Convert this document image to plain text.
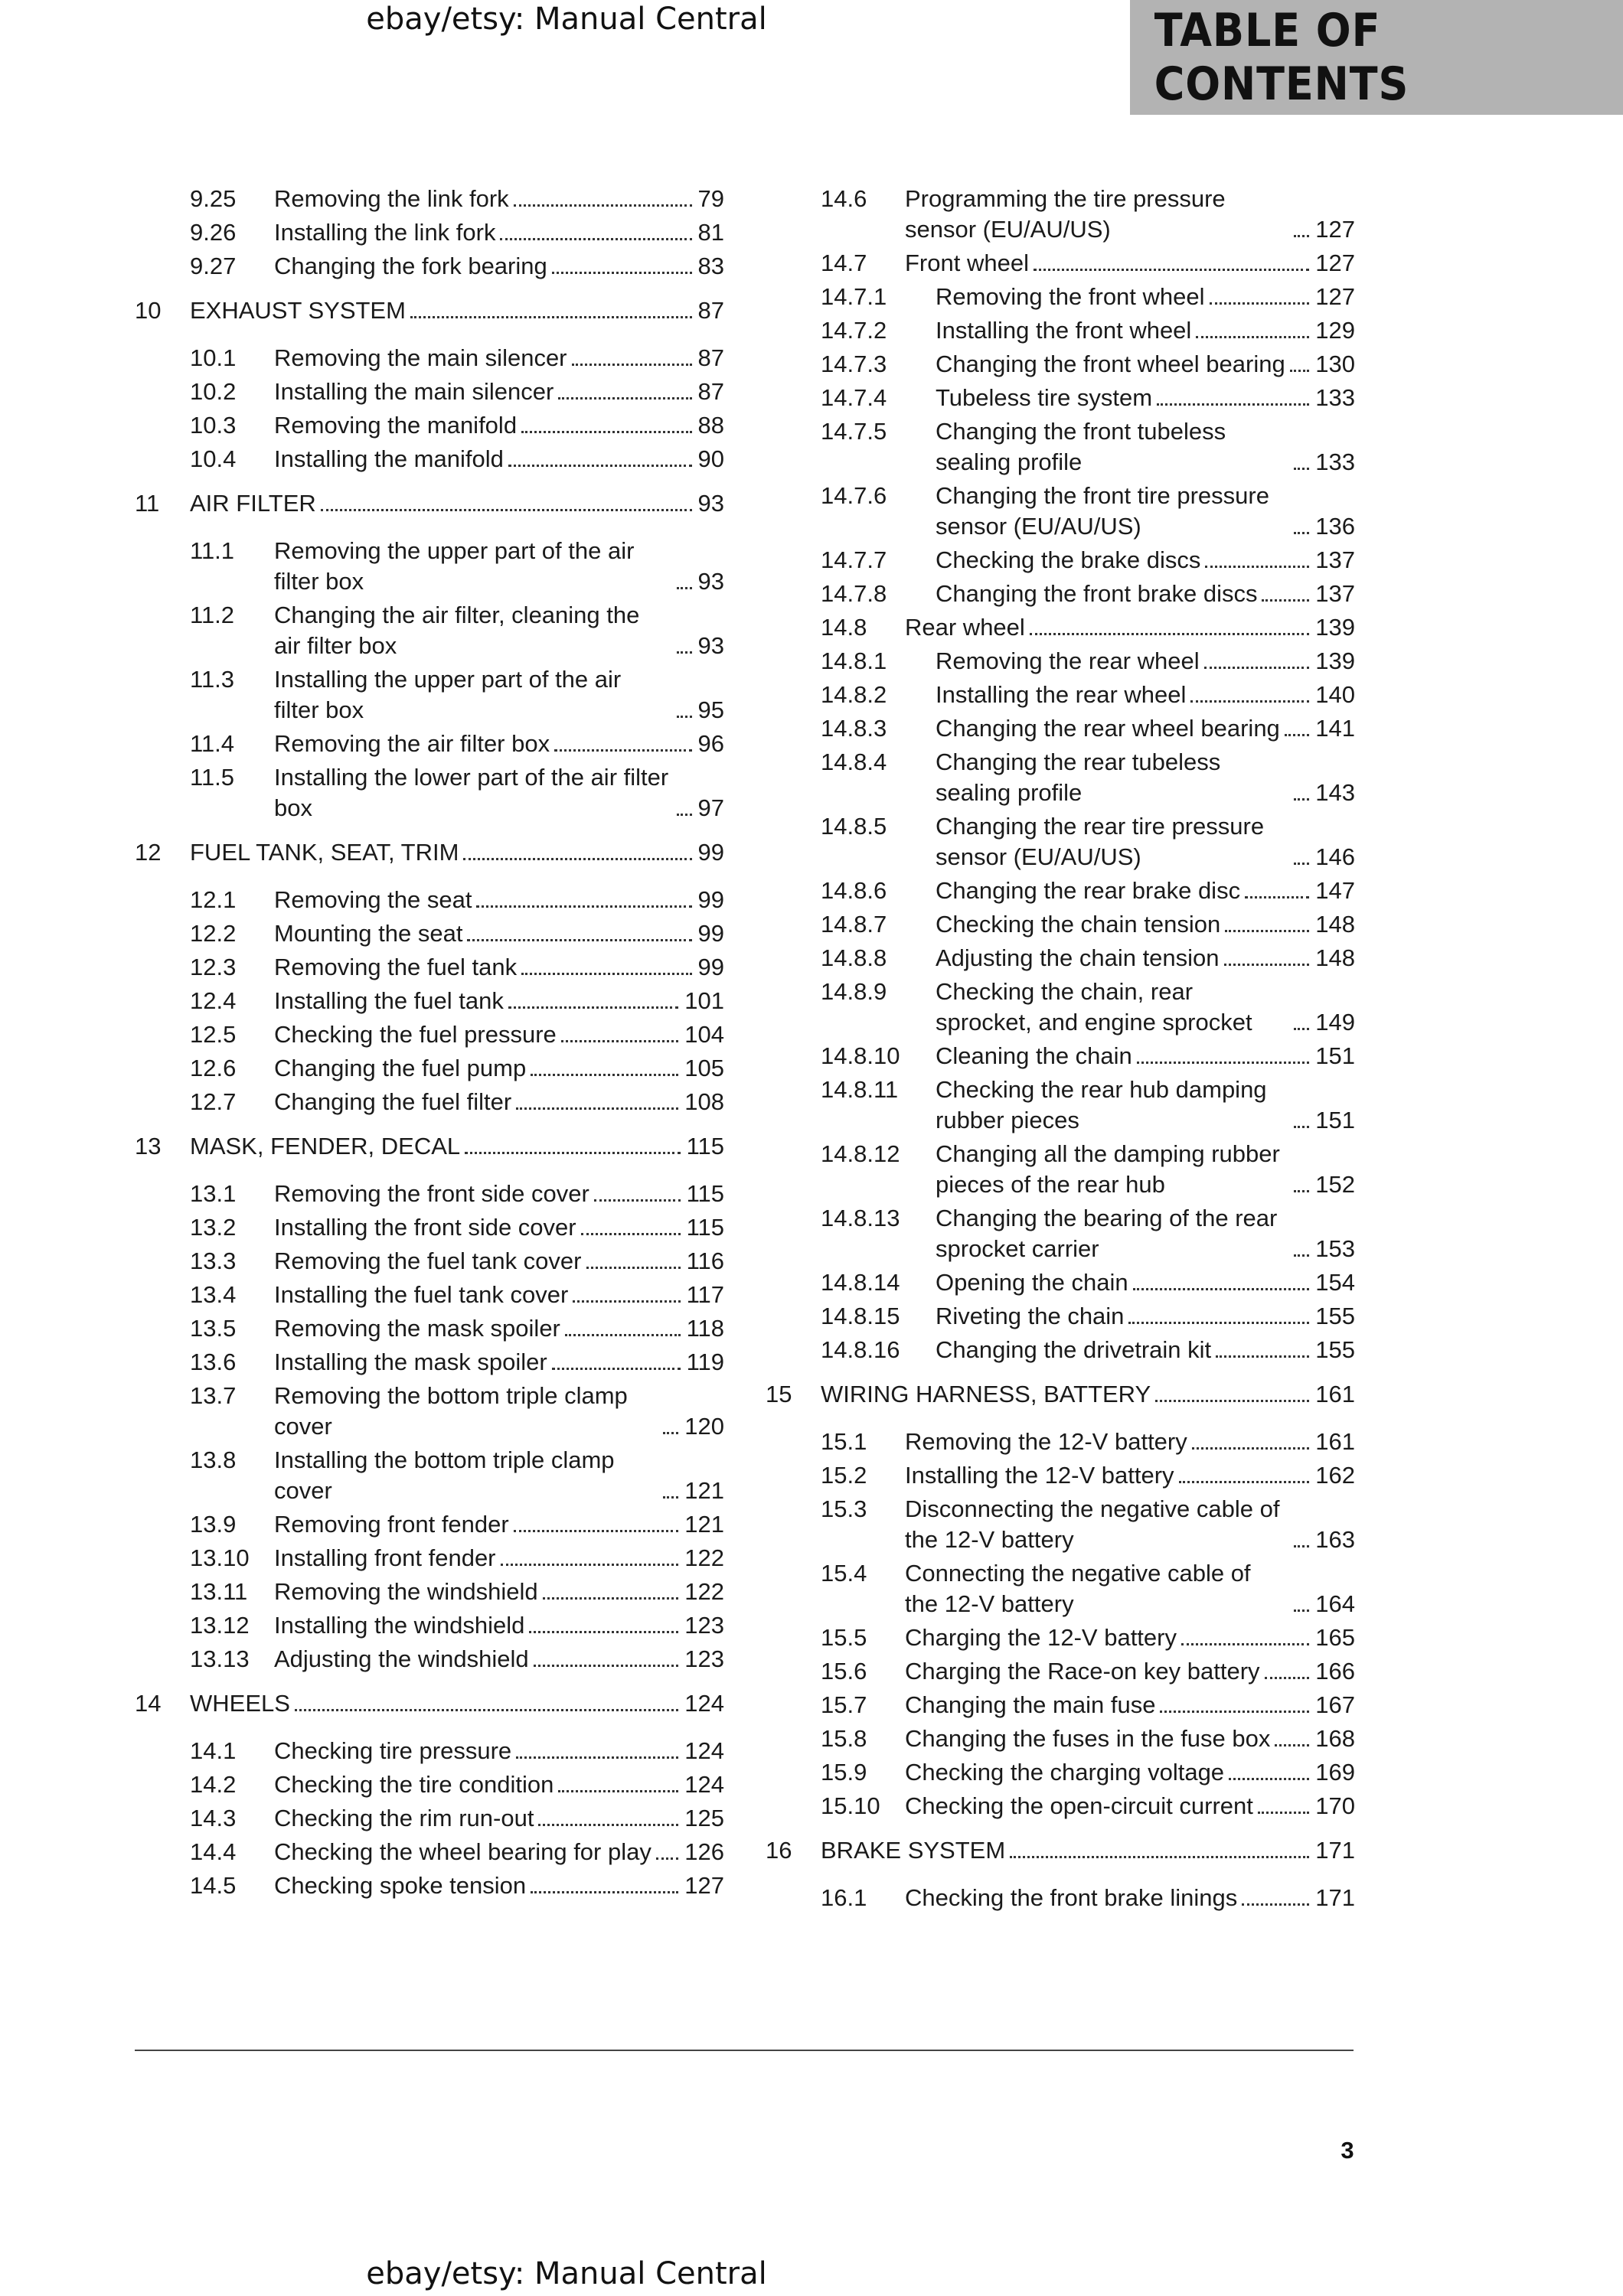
ebay/etsy: Manual Central	TABLE OF CONTENTS
9.25 Removing the link fork	79
9.26 Installing the link fork	81
9.27 Changing the fork bearing	83
10 EXHAUST SYSTEM	87
10.1 Removing the main silencer	87
10.2 Installing the main silencer	87
10.3 Removing the manifold	88
10.4 Installing the manifold	90
11 AIR FILTER	93
11.1 Removing the upper part of the air filter box	93
11.2 Changing the air filter, cleaning the air filter box	93
11.3 Installing the upper part of the air filter box	95
11.4 Removing the air filter box	96
11.5 Installing the lower part of the air filter box	97
12 FUEL TANK, SEAT, TRIM	99
12.1 Removing the seat	99
12.2 Mounting the seat	99
12.3 Removing the fuel tank	99
12.4 Installing the fuel tank	101
12.5 Checking the fuel pressure	104
12.6 Changing the fuel pump	105
12.7 Changing the fuel filter	108
13 MASK, FENDER, DECAL	115
13.1 Removing the front side cover	115
13.2 Installing the front side cover	115
13.3 Removing the fuel tank cover	116
13.4 Installing the fuel tank cover	117
13.5 Removing the mask spoiler	118
13.6 Installing the mask spoiler	119
13.7 Removing the bottom triple clamp cover	120
13.8 Installing the bottom triple clamp cover	121
13.9 Removing front fender	121
13.10 Installing front fender	122
13.11 Removing the windshield	122
13.12 Installing the windshield	123
13.13 Adjusting the windshield	123
14 WHEELS	124
14.1 Checking tire pressure	124
14.2 Checking the tire condition	124
14.3 Checking the rim run-out	125
14.4 Checking the wheel bearing for play 126
14.5 Checking spoke tension	127
14.6 Programming the tire pressure sensor (EU/AU/US)	127
14.7 Front wheel	127
14.7.1 Removing the front wheel	127
14.7.2 Installing the front wheel	129
14.7.3 Changing the front wheel bearing 130
14.7.4 Tubeless tire system	133
14.7.5 Changing the front tubeless sealing profile	133
14.7.6 Changing the front tire pressure sensor (EU/AU/US)	136
14.7.7 Checking the brake discs	137
14.7.8 Changing the front brake discs 137
14.8 Rear wheel	139
14.8.1 Removing the rear wheel	139
14.8.2 Installing the rear wheel	140
14.8.3 Changing the rear wheel bearing 141
14.8.4 Changing the rear tubeless sealing profile	143
14.8.5 Changing the rear tire pressure sensor (EU/AU/US)	146
14.8.6 Changing the rear brake disc	147
14.8.7 Checking the chain tension	148
14.8.8 Adjusting the chain tension	148
14.8.9 Checking the chain, rear sprocket, and engine sprocket	149
14.8.10 Cleaning the chain	151
14.8.11 Checking the rear hub damping rubber pieces	151
14.8.12 Changing all the damping rubber pieces of the rear hub	152
14.8.13 Changing the bearing of the rear sprocket carrier	153
14.8.14 Opening the chain	154
14.8.15 Riveting the chain	155
14.8.16 Changing the drivetrain kit	155
15 WIRING HARNESS, BATTERY	161
15.1 Removing the 12-V battery	161
15.2 Installing the 12-V battery	162
15.3 Disconnecting the negative cable of the 12-V battery	163
15.4 Connecting the negative cable of the 12-V battery	164
15.5 Charging the 12-V battery	165
15.6 Charging the Race-on key battery 166
15.7 Changing the main fuse	167
15.8 Changing the fuses in the fuse box 168
15.9 Checking the charging voltage	169
15.10 Checking the open-circuit current	170
16 BRAKE SYSTEM	171
16.1 Checking the front brake linings	171
3
ebay/etsy: Manual Central
